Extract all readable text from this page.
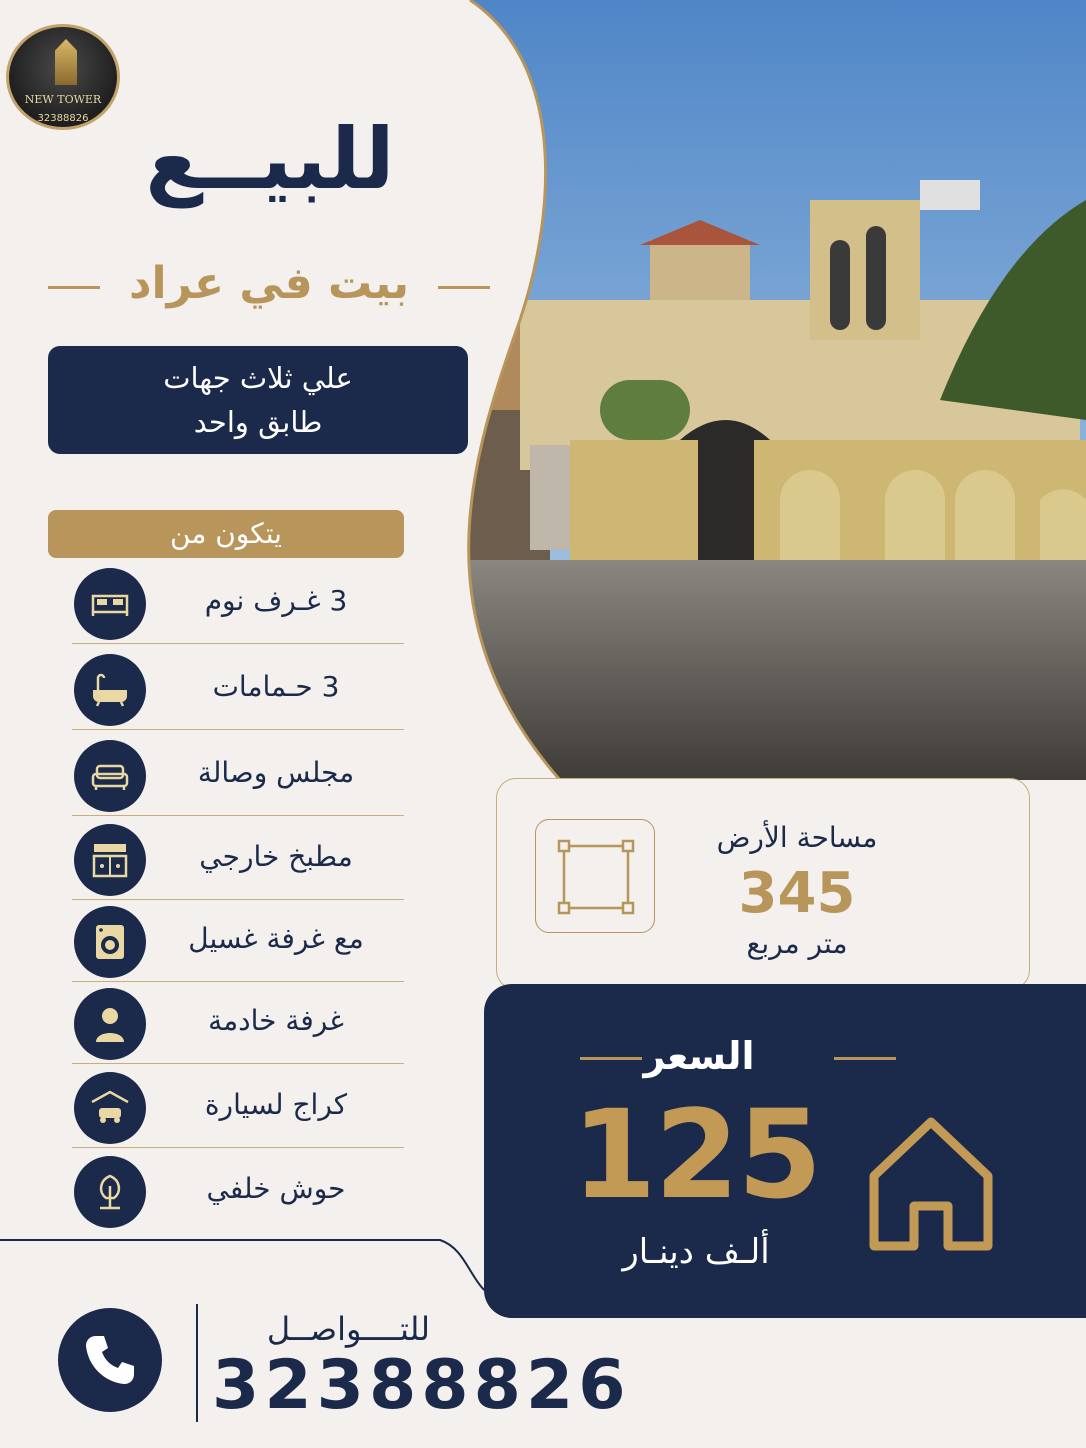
NEW TOWER
32388826 للبيــع
بيت في عراد
علي ثلاث جهات
طابق واحد
يتكون من
3 غـرف نوم
3 حـمامات
مجلس وصالة
مطبخ خارجي
مع غرفة غسيل
غرفة خادمة
كراج لسيارة
حوش خلفي
مساحة الأرض
345
متر مربع
السعر
125
ألـف دينـار
للتــــواصــل
32388826
